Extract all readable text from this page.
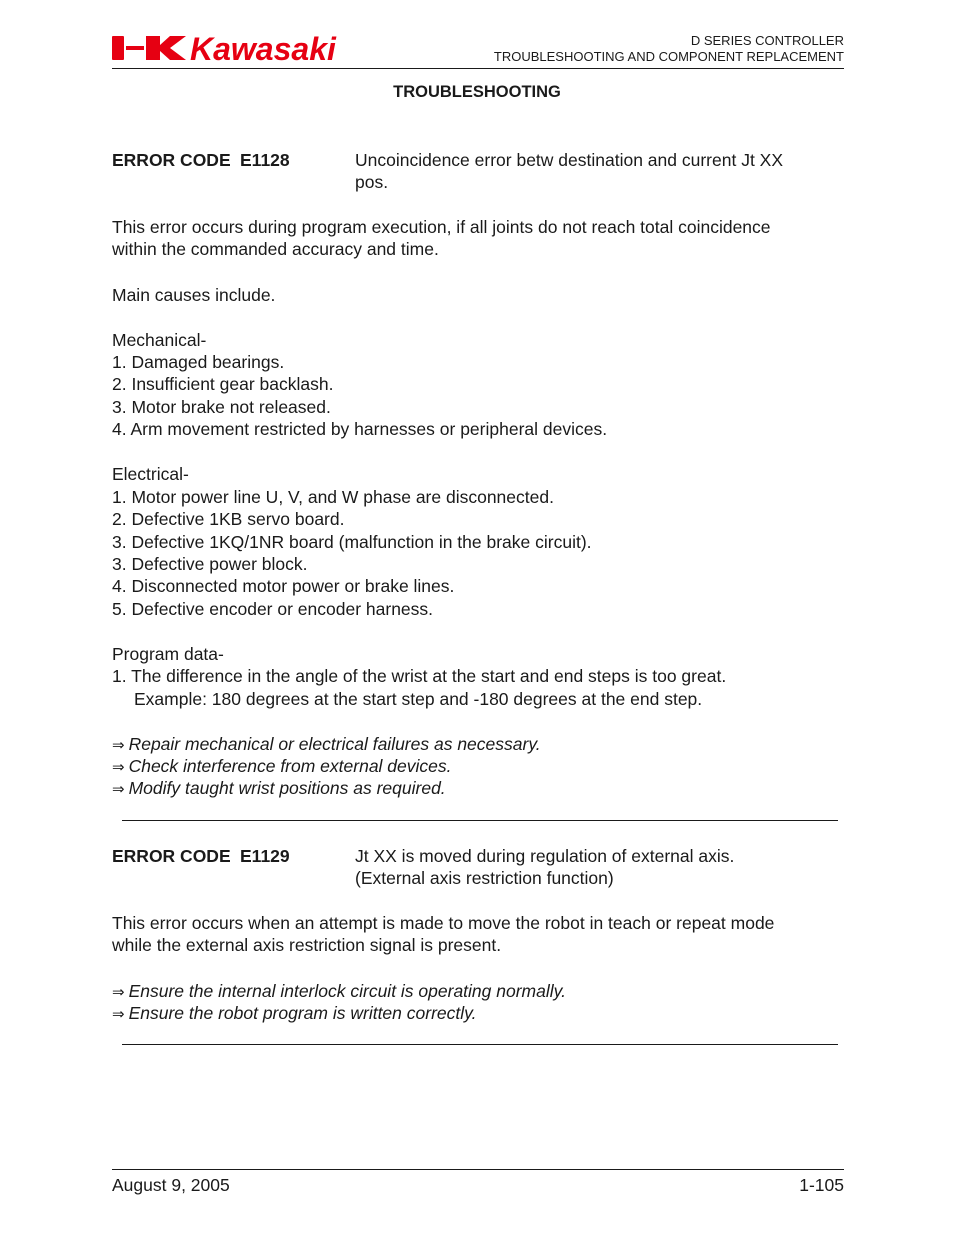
Kawasaki	D SERIES CONTROLLER
TROUBLESHOOTING AND COMPONENT REPLACEMENT
TROUBLESHOOTING
ERROR CODE E1128	Uncoincidence error betw destination and current Jt XX
pos.
This error occurs during program execution, if all joints do not reach total coincidence
within the commanded accuracy and time.
Main causes include.
Mechanical-
1. Damaged bearings.
2. Insufficient gear backlash.
3. Motor brake not released.
4. Arm movement restricted by harnesses or peripheral devices.
Electrical-
1. Motor power line U, V, and W phase are disconnected.
2. Defective 1KB servo board.
3. Defective 1KQ/1NR board (malfunction in the brake circuit).
3. Defective power block.
4. Disconnected motor power or brake lines.
5. Defective encoder or encoder harness.
Program data-
1. The difference in the angle of the wrist at the start and end steps is too great.
Example: 180 degrees at the start step and -180 degrees at the end step.
⇒ Repair mechanical or electrical failures as necessary.
⇒ Check interference from external devices.
⇒ Modify taught wrist positions as required.
ERROR CODE E1129	Jt XX is moved during regulation of external axis.
(External axis restriction function)
This error occurs when an attempt is made to move the robot in teach or repeat mode
while the external axis restriction signal is present.
⇒ Ensure the internal interlock circuit is operating normally.
⇒ Ensure the robot program is written correctly.
August 9, 2005	1-105
